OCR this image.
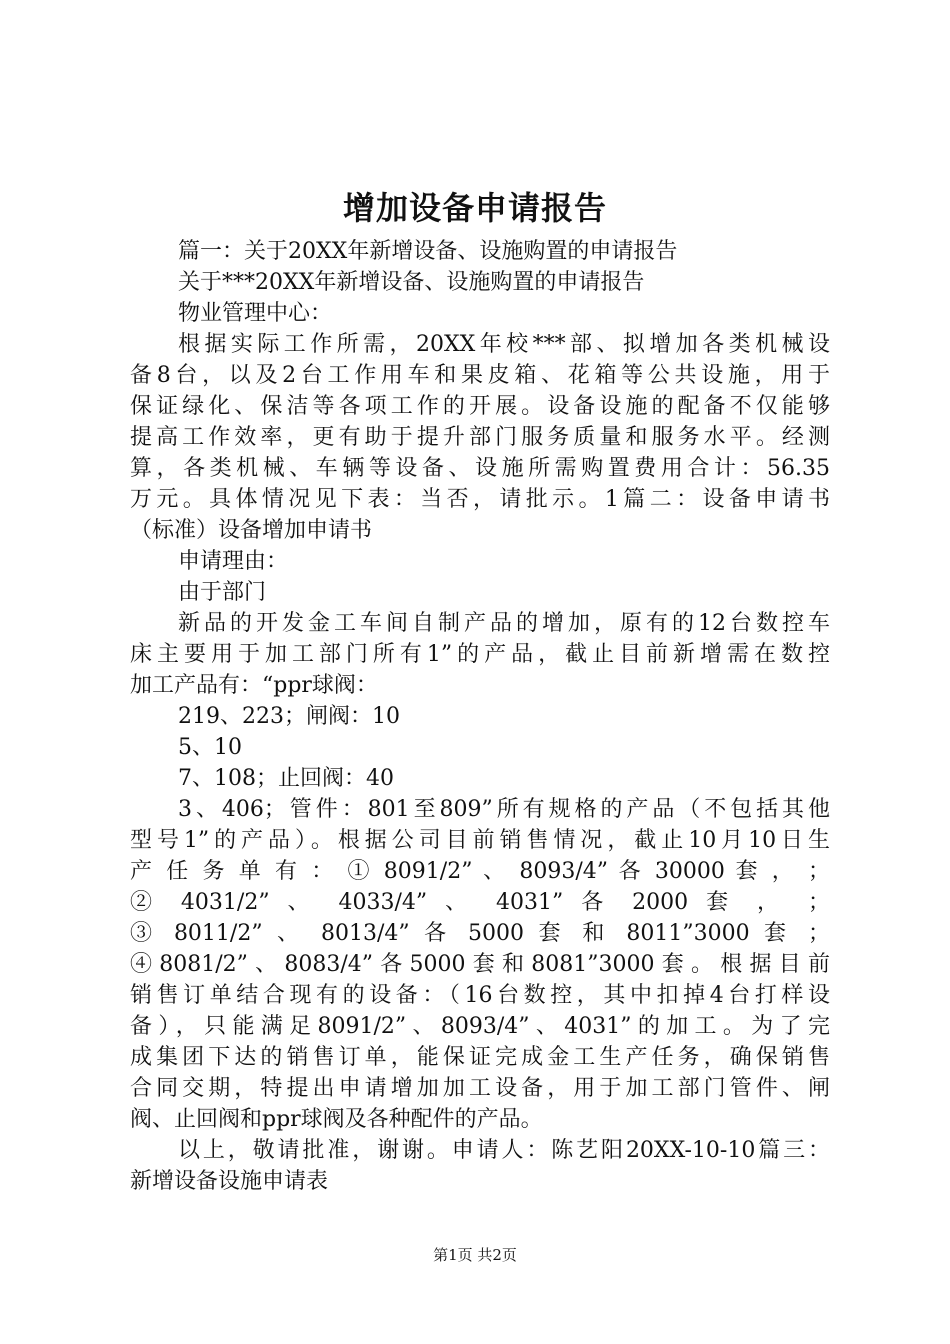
增加设备申请报告
篇一：关于20XX年新增设备、设施购置的申请报告
关于***20XX年新增设备、设施购置的申请报告
物业管理中心：
根据实际工作所需，20XX年校***部、拟增加各类机械设
备8台，以及2台工作用车和果皮箱、花箱等公共设施，用于
保证绿化、保洁等各项工作的开展。设备设施的配备不仅能够
提高工作效率，更有助于提升部门服务质量和服务水平。经测
算，各类机械、车辆等设备、设施所需购置费用合计：56.35
万元。具体情况见下表：当否，请批示。1篇二：设备申请书
（标准）设备增加申请书
申请理由：
由于部门
新品的开发金工车间自制产品的增加，原有的12台数控车
床主要用于加工部门所有1”的产品，截止目前新增需在数控
加工产品有：“ppr球阀：
219、223；闸阀：10
5、10
7、108；止回阀：40
3、406；管件：801至809”所有规格的产品（不包括其他
型号1”的产品）。根据公司目前销售情况，截止10月10日生
产 任 务 单 有 ： ① 8091/2” 、 8093/4” 各 30000 套 ， ；
② 4031/2” 、 4033/4” 、 4031” 各 2000 套 ， ；
③ 8011/2” 、 8013/4” 各 5000 套 和 8011”3000 套 ；
④8081/2”、8083/4”各5000套和8081”3000套。根据目前
销售订单结合现有的设备：（16台数控，其中扣掉4台打样设
备），只能满足8091/2”、8093/4”、4031”的加工。为了完
成集团下达的销售订单，能保证完成金工生产任务，确保销售
合同交期，特提出申请增加加工设备，用于加工部门管件、闸
阀、止回阀和ppr球阀及各种配件的产品。
以上，敬请批准，谢谢。申请人：陈艺阳20XX-10-10篇三：
新增设备设施申请表
第1页 共2页
